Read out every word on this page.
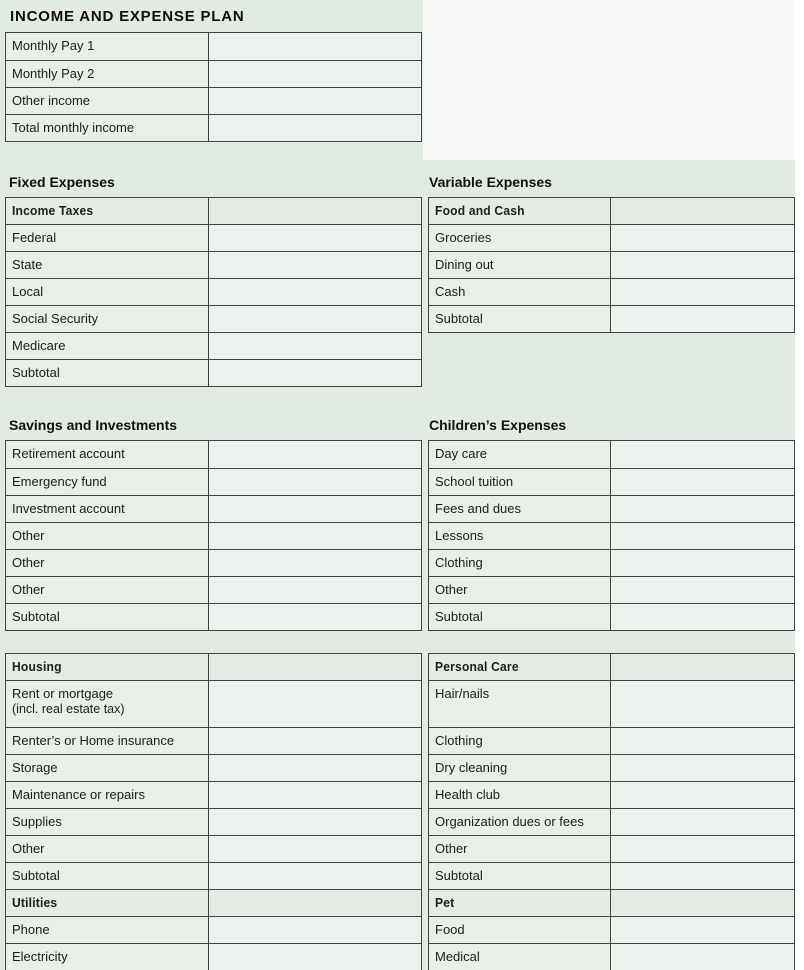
INCOME AND EXPENSE PLAN
Monthly Pay 1
Monthly Pay 2
Other income
Total monthly income
Fixed Expenses	Variable Expenses
Income Taxes
Federal
State
Local
Social Security
Medicare
Subtotal
Food and Cash
Groceries
Dining out
Cash
Subtotal
Savings and Investments	Children’s Expenses
Retirement account
Emergency fund
Investment account
Other
Other
Other
Subtotal
Day care
School tuition
Fees and dues
Lessons
Clothing
Other
Subtotal
Housing
Rent or mortgage
(incl. real estate tax)
Renter’s or Home insurance
Storage
Maintenance or repairs
Supplies
Other
Subtotal
Personal Care
Hair/nails
Clothing
Dry cleaning
Health club
Organization dues or fees
Other
Subtotal
Utilities
Phone
Electricity
Pet
Food
Medical
